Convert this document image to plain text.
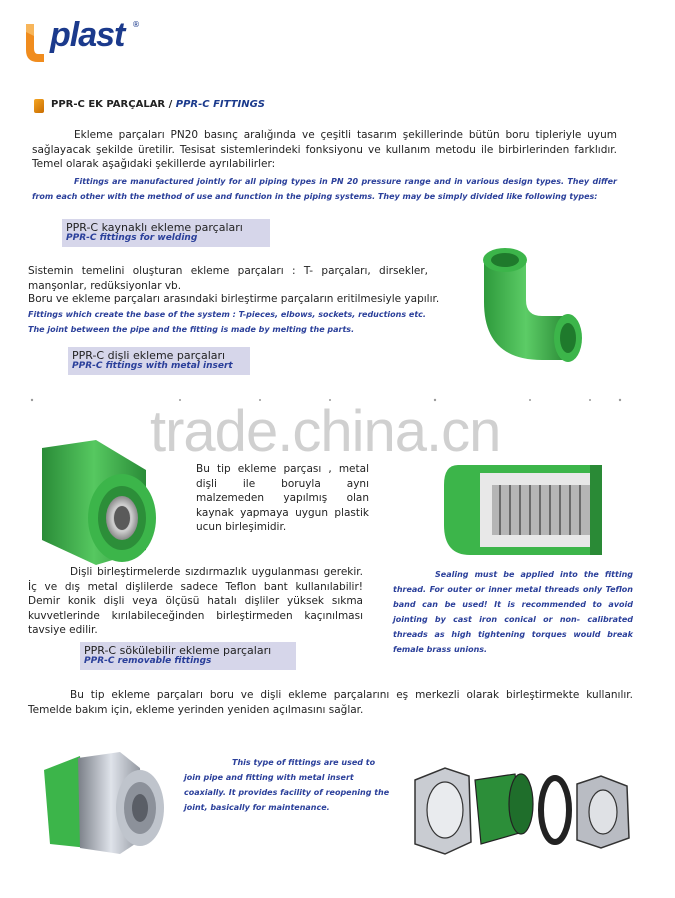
plast ®
PPR-C EK PARÇALAR / PPR-C FITTINGS
Ekleme parçaları PN20 basınç aralığında ve çeşitli tasarım şekillerinde bütün boru tipleriyle uyum sağlayacak şekilde üretilir. Tesisat sistemlerindeki fonksiyonu ve kullanım metodu ile birbirlerinden farklıdır. Temel olarak aşağıdaki şekillerde ayrılabilirler:
Fittings are manufactured jointly for all piping types in PN 20 pressure range and in various design types. They differ from each other with the method of use and function in the piping systems. They may be simply divided like following types:
PPR-C kaynaklı ekleme parçaları
PPR-C fittings for welding
Sistemin temelini oluşturan ekleme parçaları : T- parçaları, dirsekler, manşonlar, redüksiyonlar vb.
Boru ve ekleme parçaları arasındaki birleştirme parçaların eritilmesiyle yapılır.
Fittings which create the base of the system : T-pieces, elbows, sockets, reductions etc.
The joint between the pipe and the fitting is made by melting the parts.
PPR-C dişli ekleme parçaları
PPR-C fittings with metal insert
trade.china.cn
Bu tip ekleme parçası , metal dişli ile boruyla aynı malzemeden yapılmış olan kaynak yapmaya uygun plastik ucun birleşimidir.
Dişli birleştirmelerde sızdırmazlık uygulanması gerekir. İç ve dış metal dişlilerde sadece Teflon bant kullanılabilir! Demir konik dişli veya ölçüsü hatalı dişliler yüksek sıkma kuvvetlerinde kırılabileceğinden birleştirmeden kaçınılması tavsiye edilir.
Sealing must be applied into the fitting thread. For outer or inner metal threads only Teflon band can be used! It is recommended to avoid jointing by cast iron conical or non- calibrated threads as high tightening torques would break female brass unions.
PPR-C sökülebilir ekleme parçaları
PPR-C removable fittings
Bu tip ekleme parçaları boru ve dişli ekleme parçalarını eş merkezli olarak birleştirmekte kullanılır. Temelde bakım için, ekleme yerinden yeniden açılmasını sağlar.
This type of fittings are used to join pipe and fitting with metal insert coaxially. It provides facility of reopening the joint, basically for maintenance.
